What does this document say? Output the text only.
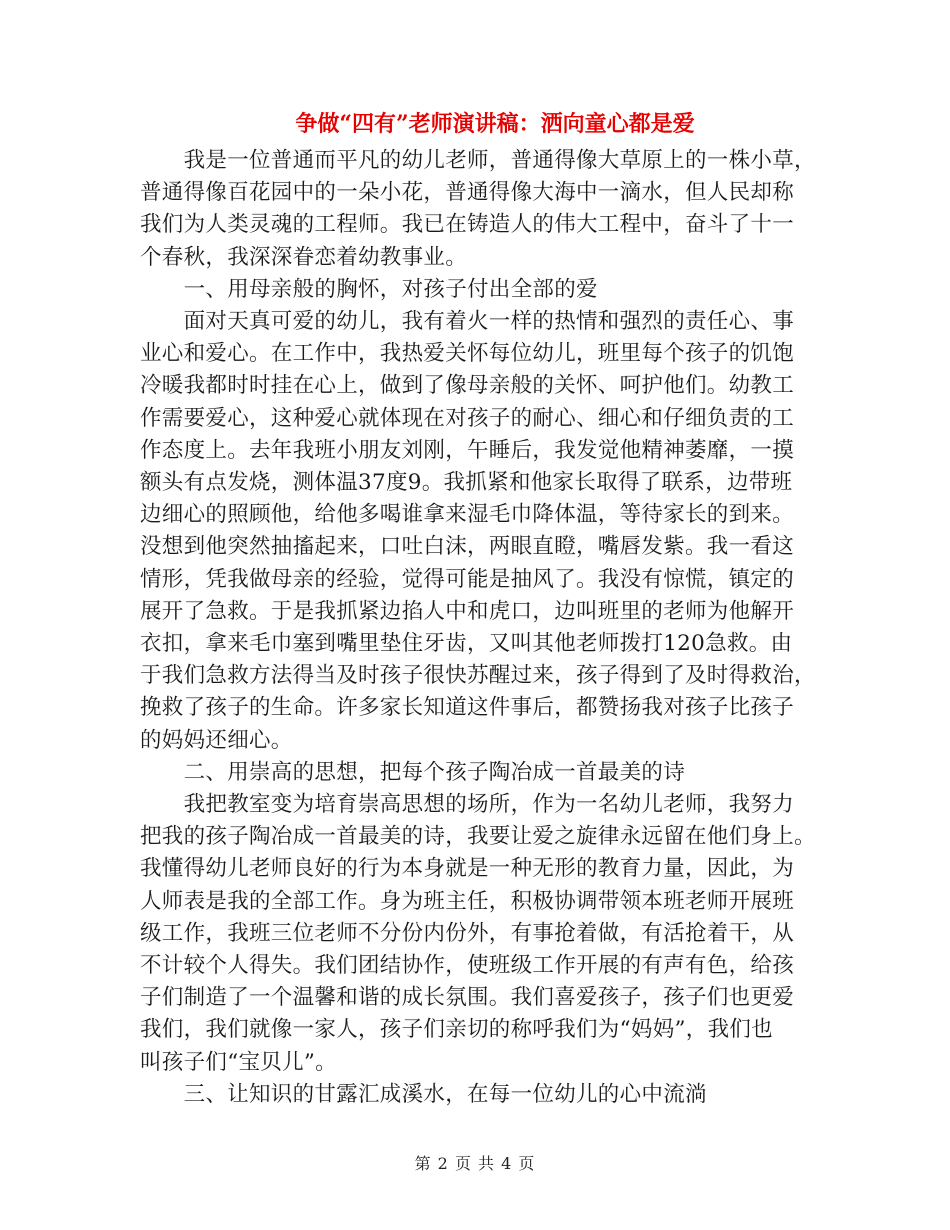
争做“四有”老师演讲稿：洒向童心都是爱
　　我是一位普通而平凡的幼儿老师，普通得像大草原上的一株小草，
普通得像百花园中的一朵小花，普通得像大海中一滴水，但人民却称
我们为人类灵魂的工程师。我已在铸造人的伟大工程中，奋斗了十一
个春秋，我深深眷恋着幼教事业。
　　一、用母亲般的胸怀，对孩子付出全部的爱
　　面对天真可爱的幼儿，我有着火一样的热情和强烈的责任心、事
业心和爱心。在工作中，我热爱关怀每位幼儿，班里每个孩子的饥饱
冷暖我都时时挂在心上，做到了像母亲般的关怀、呵护他们。幼教工
作需要爱心，这种爱心就体现在对孩子的耐心、细心和仔细负责的工
作态度上。去年我班小朋友刘刚，午睡后，我发觉他精神萎靡，一摸
额头有点发烧，测体温37度9。我抓紧和他家长取得了联系，边带班
边细心的照顾他，给他多喝谁拿来湿毛巾降体温，等待家长的到来。
没想到他突然抽搐起来，口吐白沫，两眼直瞪，嘴唇发紫。我一看这
情形，凭我做母亲的经验，觉得可能是抽风了。我没有惊慌，镇定的
展开了急救。于是我抓紧边掐人中和虎口，边叫班里的老师为他解开
衣扣，拿来毛巾塞到嘴里垫住牙齿，又叫其他老师拨打120急救。由
于我们急救方法得当及时孩子很快苏醒过来，孩子得到了及时得救治，
挽救了孩子的生命。许多家长知道这件事后，都赞扬我对孩子比孩子
的妈妈还细心。
　　二、用崇高的思想，把每个孩子陶冶成一首最美的诗
　　我把教室变为培育崇高思想的场所，作为一名幼儿老师，我努力
把我的孩子陶冶成一首最美的诗，我要让爱之旋律永远留在他们身上。
我懂得幼儿老师良好的行为本身就是一种无形的教育力量，因此，为
人师表是我的全部工作。身为班主任，积极协调带领本班老师开展班
级工作，我班三位老师不分份内份外，有事抢着做，有活抢着干，从
不计较个人得失。我们团结协作，使班级工作开展的有声有色，给孩
子们制造了一个温馨和谐的成长氛围。我们喜爱孩子，孩子们也更爱
我们，我们就像一家人，孩子们亲切的称呼我们为“妈妈”，我们也
叫孩子们“宝贝儿”。
　　三、让知识的甘露汇成溪水，在每一位幼儿的心中流淌
第 2 页 共 4 页
